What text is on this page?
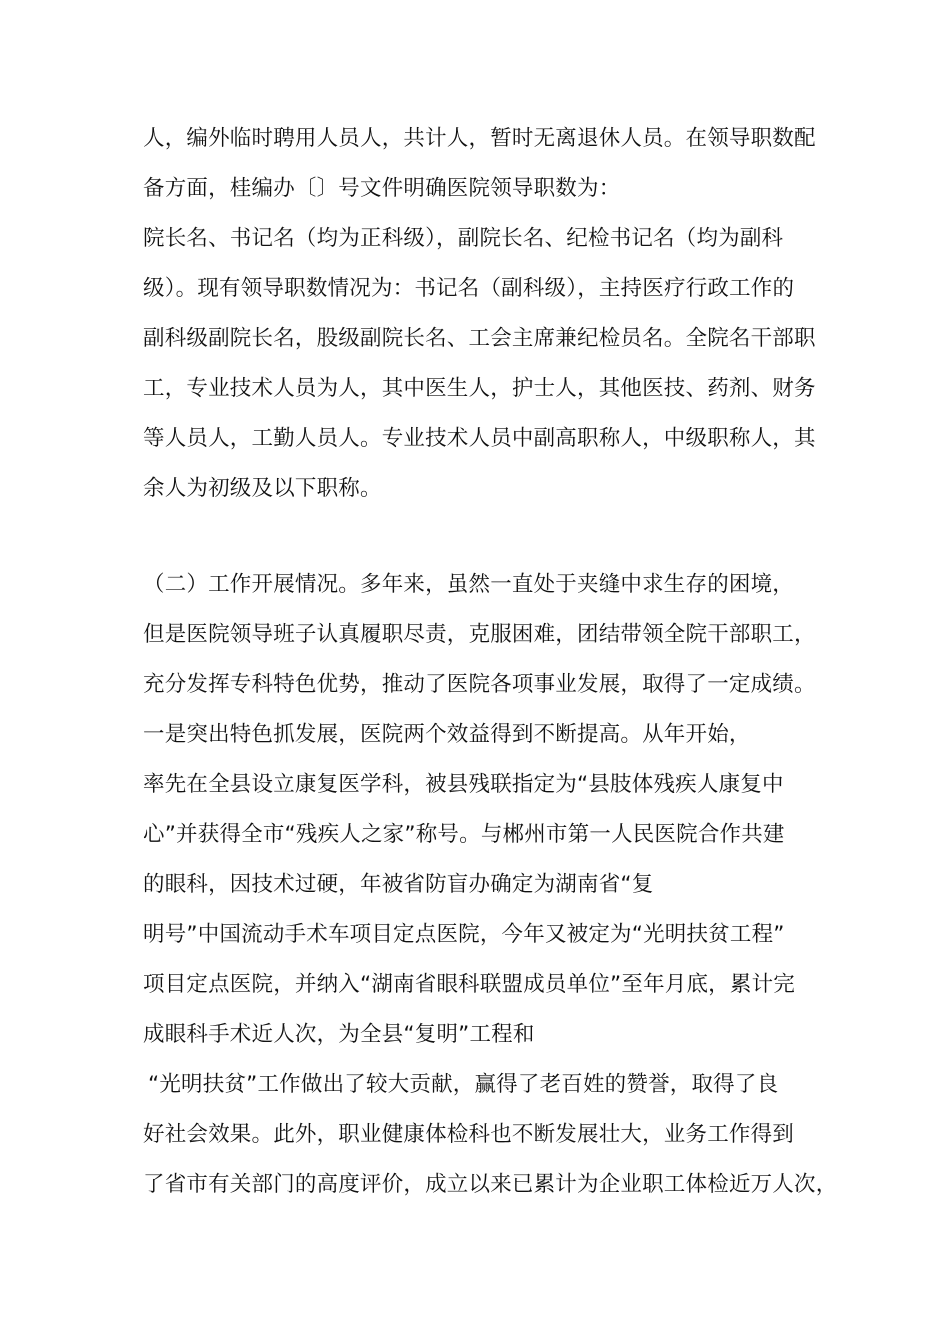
人，编外临时聘用人员人，共计人，暂时无离退休人员。在领导职数配
备方面，桂编办〔〕号文件明确医院领导职数为：
院长名、书记名（均为正科级），副院长名、纪检书记名（均为副科
级）。现有领导职数情况为：书记名（副科级），主持医疗行政工作的
副科级副院长名，股级副院长名、工会主席兼纪检员名。全院名干部职
工，专业技术人员为人，其中医生人，护士人，其他医技、药剂、财务
等人员人，工勤人员人。专业技术人员中副高职称人，中级职称人，其
余人为初级及以下职称。
（二）工作开展情况。多年来，虽然一直处于夹缝中求生存的困境，
但是医院领导班子认真履职尽责，克服困难，团结带领全院干部职工，
充分发挥专科特色优势，推动了医院各项事业发展，取得了一定成绩。
一是突出特色抓发展，医院两个效益得到不断提高。从年开始，
率先在全县设立康复医学科，被县残联指定为“县肢体残疾人康复中
心”并获得全市“残疾人之家”称号。与郴州市第一人民医院合作共建
的眼科，因技术过硬，年被省防盲办确定为湖南省“复
明号”中国流动手术车项目定点医院，今年又被定为“光明扶贫工程”
项目定点医院，并纳入“湖南省眼科联盟成员单位”至年月底，累计完
成眼科手术近人次，为全县“复明”工程和
“光明扶贫”工作做出了较大贡献，赢得了老百姓的赞誉，取得了良
好社会效果。此外，职业健康体检科也不断发展壮大，业务工作得到
了省市有关部门的高度评价，成立以来已累计为企业职工体检近万人次，
